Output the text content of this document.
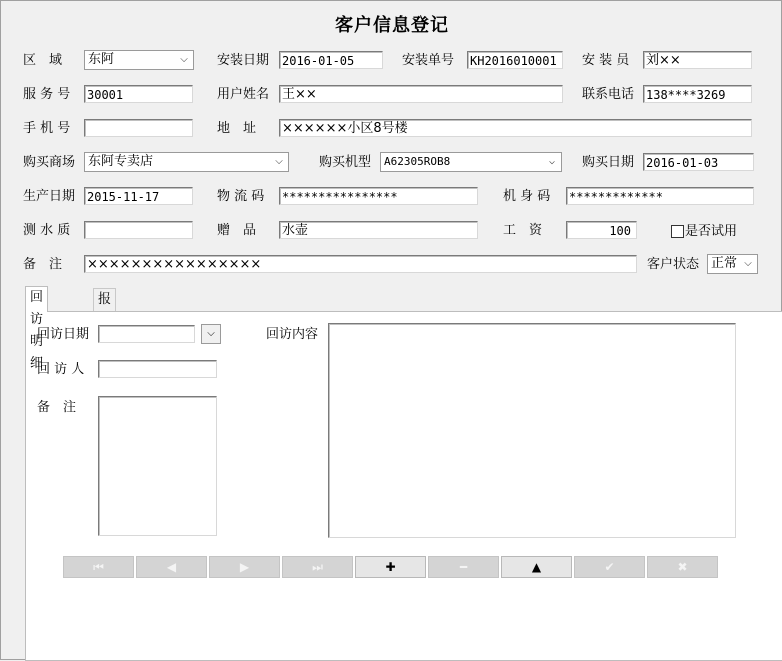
客户信息登记
区　域	东阿	⌵ 安装日期 2016-01-05	安装单号 KH2016010001	安 装 员 刘××
服 务 号 30001	用户姓名 王××	联系电话 138****3269
手 机 号	地　址 ××××××小区8号楼
购买商场 东阿专卖店	⌵	购买机型	A62305ROB8	⌵ 购买日期 2016-01-03
生产日期 2015-11-17	物 流 码 ****************	机 身 码 *************
测 水 质	赠　品 水壶	工　资	100	是否试用
备　注 ××××××××××××××××	客户状态 正常 ⌵
回访明细
报
回访日期	⌵
回 访 人
备　注
回访内容
⏮	◀	▶	⏭	✚	━	▲	✔	✖
